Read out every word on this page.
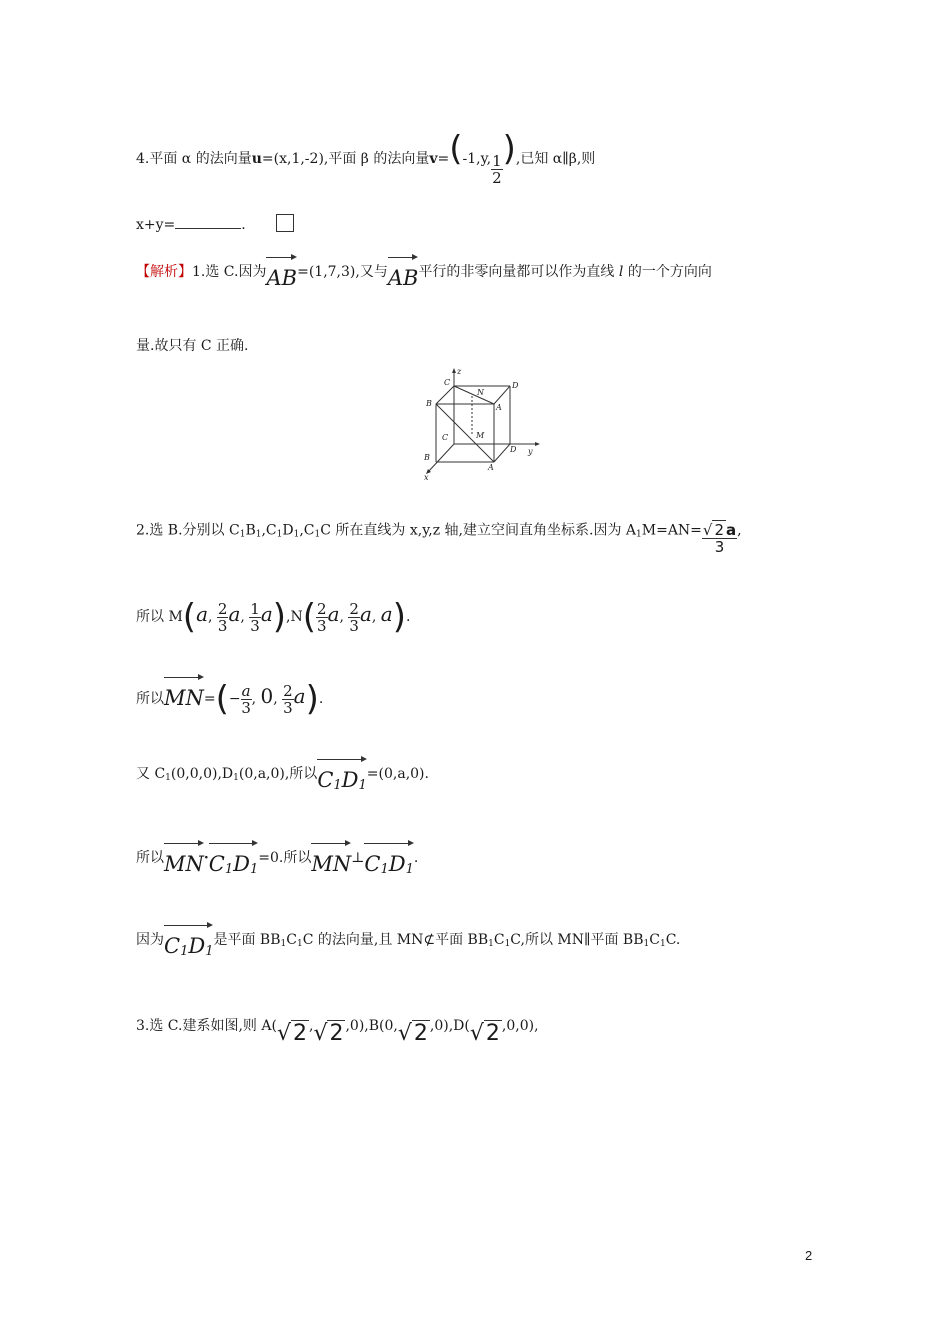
4.平面 α 的法向量u=(x,1,-2),平面 β 的法向量v=(-1,y, $\frac{1}{2}$ ),已知 α∥β,则
x+y=	.
【解析】1.选 C.因为
AB=(1,7,3),又与
AB平行的非零向量都可以作为直线 l 的一个方向向
量.故只有 C 正确.
z
C
N
D
B	A
C	M
D y
B
A
x
2.选 B.分别以 $C_1B_1,C_1D_1,C_1C$ 所在直线为 x,y,z 轴,建立空间直角坐标系.因为 $A_1M=AN= \frac{√ 2 a}{3}$ ,
所以 M(a, $\frac{2}{3} a$, $\frac{1}{3} a),N( \frac{2}{3} a$, $\frac{2}{3} a$, a).
所以
$MN=(- \frac{a}{3}$ , 0, $\frac{2}{3} a$).
又 $C_1(0,0,0),D_1(0,a,0)$,所以
$C_1D_1=(0,a,0)$.
所以
MN·
$C_1D_1=0$.所以
MN⊥
$C_1D_1$.
因为
$C_1D_1$是平面 $BB_1C_1C$ 的法向量,且 MN⊄平面 $BB_1C_1C$,所以 MN∥平面 $BB_1C_1C$.
3.选 C.建系如图,则 A(√2 ,√2 ,0),B(0,√2 ,0),D(√2 ,0,0),
2
